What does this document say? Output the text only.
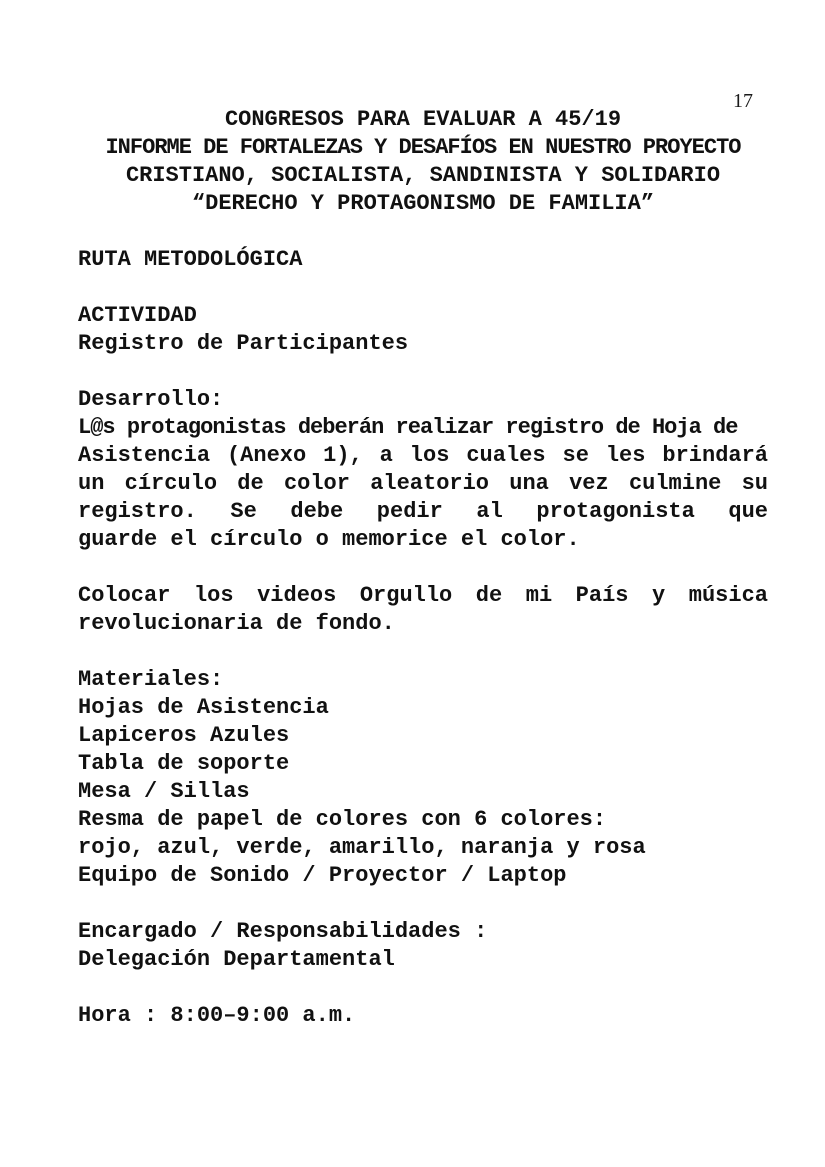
17
CONGRESOS PARA EVALUAR A 45/19
INFORME DE FORTALEZAS Y DESAFÍOS EN NUESTRO PROYECTO
CRISTIANO, SOCIALISTA, SANDINISTA Y SOLIDARIO
“DERECHO Y PROTAGONISMO DE FAMILIA”
RUTA METODOLÓGICA
ACTIVIDAD
Registro de Participantes
Desarrollo:
L@s protagonistas deberán realizar registro de Hoja de
Asistencia (Anexo 1), a los cuales se les brindará
un círculo de color aleatorio una vez culmine su
registro. Se debe pedir al protagonista que
guarde el círculo o memorice el color.
Colocar los videos Orgullo de mi País y música
revolucionaria de fondo.
Materiales:
Hojas de Asistencia
Lapiceros Azules
Tabla de soporte
Mesa / Sillas
Resma de papel de colores con 6 colores:
rojo, azul, verde, amarillo, naranja y rosa
Equipo de Sonido / Proyector / Laptop
Encargado / Responsabilidades :
Delegación Departamental
Hora : 8:00–9:00 a.m.
